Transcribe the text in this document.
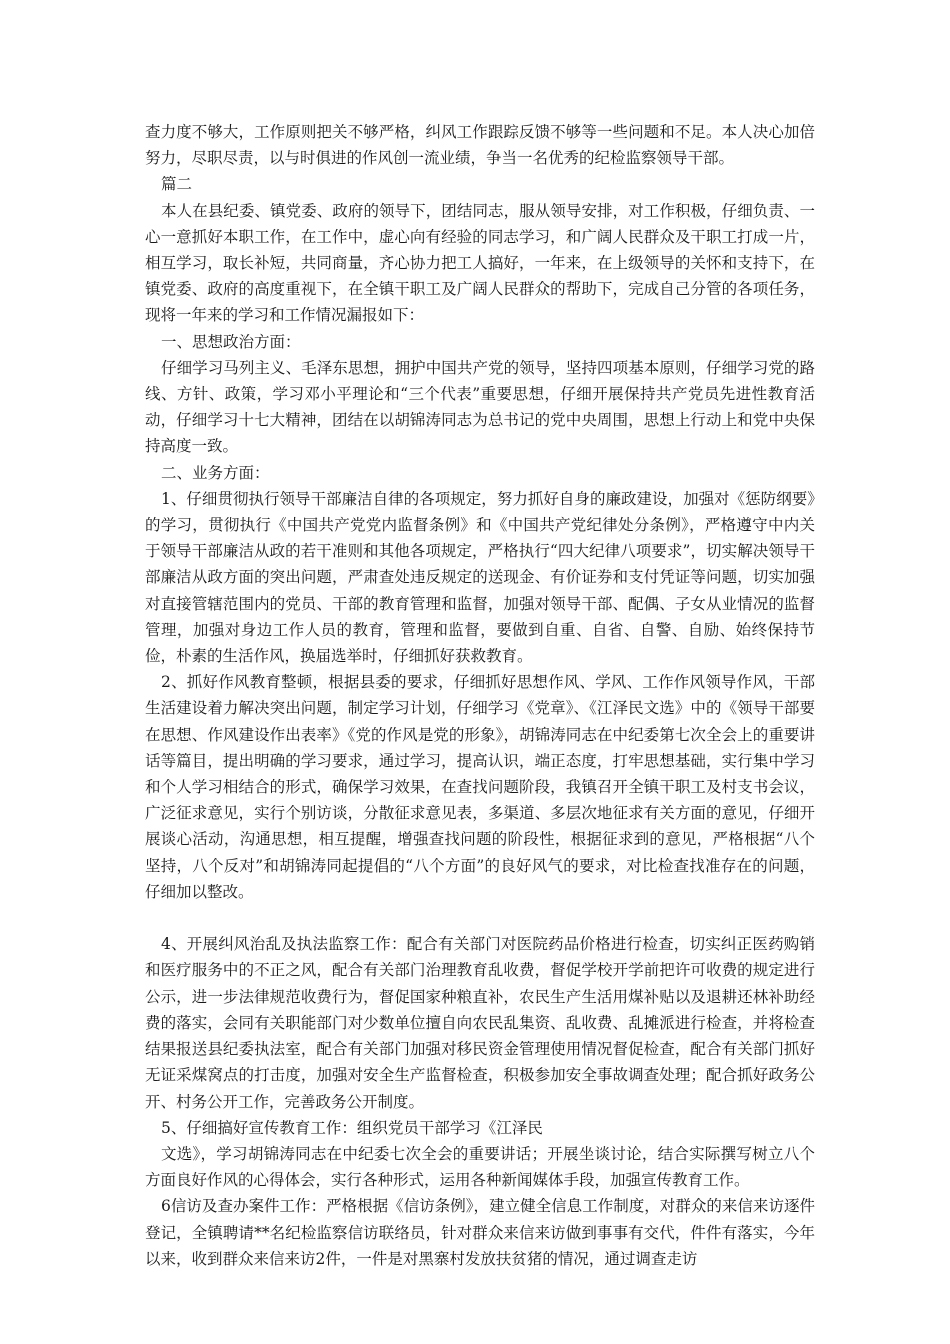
查力度不够大，工作原则把关不够严格，纠风工作跟踪反馈不够等一些问题和不足。本人决心加倍努力，尽职尽责，以与时俱进的作风创一流业绩，争当一名优秀的纪检监察领导干部。

篇二

本人在县纪委、镇党委、政府的领导下，团结同志，服从领导安排，对工作积极，仔细负责、一心一意抓好本职工作，在工作中，虚心向有经验的同志学习，和广阔人民群众及干职工打成一片，相互学习，取长补短，共同商量，齐心协力把工人搞好，一年来，在上级领导的关怀和支持下，在镇党委、政府的高度重视下，在全镇干职工及广阔人民群众的帮助下，完成自己分管的各项任务，现将一年来的学习和工作情况漏报如下：

一、思想政治方面：

仔细学习马列主义、毛泽东思想，拥护中国共产党的领导，坚持四项基本原则，仔细学习党的路线、方针、政策，学习邓小平理论和“三个代表”重要思想，仔细开展保持共产党员先进性教育活动，仔细学习十七大精神，团结在以胡锦涛同志为总书记的党中央周围，思想上行动上和党中央保持高度一致。

二、业务方面：

1、仔细贯彻执行领导干部廉洁自律的各项规定，努力抓好自身的廉政建设，加强对《惩防纲要》的学习，贯彻执行《中国共产党党内监督条例》和《中国共产党纪律处分条例》，严格遵守中内关于领导干部廉洁从政的若干准则和其他各项规定，严格执行“四大纪律八项要求”，切实解决领导干部廉洁从政方面的突出问题，严肃查处违反规定的送现金、有价证券和支付凭证等问题，切实加强对直接管辖范围内的党员、干部的教育管理和监督，加强对领导干部、配偶、子女从业情况的监督管理，加强对身边工作人员的教育，管理和监督，要做到自重、自省、自警、自励、始终保持节俭，朴素的生活作风，换届选举时，仔细抓好获救教育。

2、抓好作风教育整顿，根据县委的要求，仔细抓好思想作风、学风、工作作风领导作风，干部生活建设着力解决突出问题，制定学习计划，仔细学习《党章》、《江泽民文选》中的《领导干部要在思想、作风建设作出表率》《党的作风是党的形象》，胡锦涛同志在中纪委第七次全会上的重要讲话等篇目，提出明确的学习要求，通过学习，提高认识，端正态度，打牢思想基础，实行集中学习和个人学习相结合的形式，确保学习效果，在查找问题阶段，我镇召开全镇干职工及村支书会议，广泛征求意见，实行个别访谈，分散征求意见表，多渠道、多层次地征求有关方面的意见，仔细开展谈心活动，沟通思想，相互提醒，增强查找问题的阶段性，根据征求到的意见，严格根据“八个坚持，八个反对”和胡锦涛同起提倡的“八个方面”的良好风气的要求，对比检查找准存在的问题，仔细加以整改。

4、开展纠风治乱及执法监察工作：配合有关部门对医院药品价格进行检查，切实纠正医药购销和医疗服务中的不正之风，配合有关部门治理教育乱收费，督促学校开学前把许可收费的规定进行公示，进一步法律规范收费行为，督促国家种粮直补，农民生产生活用煤补贴以及退耕还林补助经费的落实，会同有关职能部门对少数单位擅自向农民乱集资、乱收费、乱摊派进行检查，并将检查结果报送县纪委执法室，配合有关部门加强对移民资金管理使用情况督促检查，配合有关部门抓好无证采煤窝点的打击度，加强对安全生产监督检查，积极参加安全事故调查处理；配合抓好政务公开、村务公开工作，完善政务公开制度。

5、仔细搞好宣传教育工作：组织党员干部学习《江泽民

文选》，学习胡锦涛同志在中纪委七次全会的重要讲话；开展坐谈讨论，结合实际撰写树立八个方面良好作风的心得体会，实行各种形式，运用各种新闻媒体手段，加强宣传教育工作。

6信访及查办案件工作：严格根据《信访条例》，建立健全信息工作制度，对群众的来信来访逐件登记，全镇聘请**名纪检监察信访联络员，针对群众来信来访做到事事有交代，件件有落实，今年以来，收到群众来信来访2件，一件是对黑寨村发放扶贫猪的情况，通过调查走访
